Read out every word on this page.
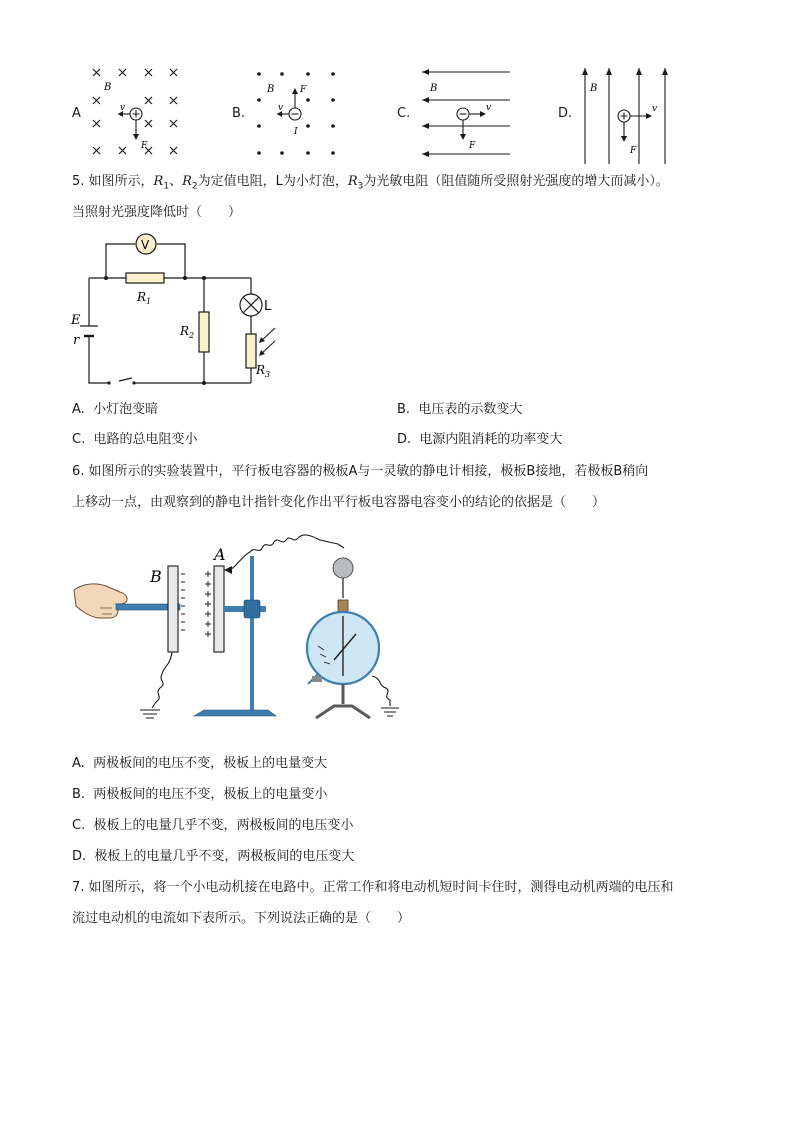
A
B
v
F
B.
B
v
F
I
C.
B
v
F
D.
B
v
F
5. 如图所示，$R_1$、$R_2$为定值电阻，L为小灯泡，$R_3$为光敏电阻（阻值随所受照射光强度的增大而减小）。
当照射光强度降低时（　　）
V
$R_1$
$R_2$
L
$R_3$
E
r
A. 小灯泡变暗	B. 电压表的示数变大
C. 电路的总电阻变小	D. 电源内阻消耗的功率变大
6. 如图所示的实验装置中，平行板电容器的极板A与一灵敏的静电计相接，极板B接地，若极板B稍向
上移动一点，由观察到的静电计指针变化作出平行板电容器电容变小的结论的依据是（　　）
B
A
A. 两极板间的电压不变，极板上的电量变大
B. 两极板间的电压不变，极板上的电量变小
C. 极板上的电量几乎不变，两极板间的电压变小
D. 极板上的电量几乎不变，两极板间的电压变大
7. 如图所示，将一个小电动机接在电路中。正常工作和将电动机短时间卡住时，测得电动机两端的电压和
流过电动机的电流如下表所示。下列说法正确的是（　　）
